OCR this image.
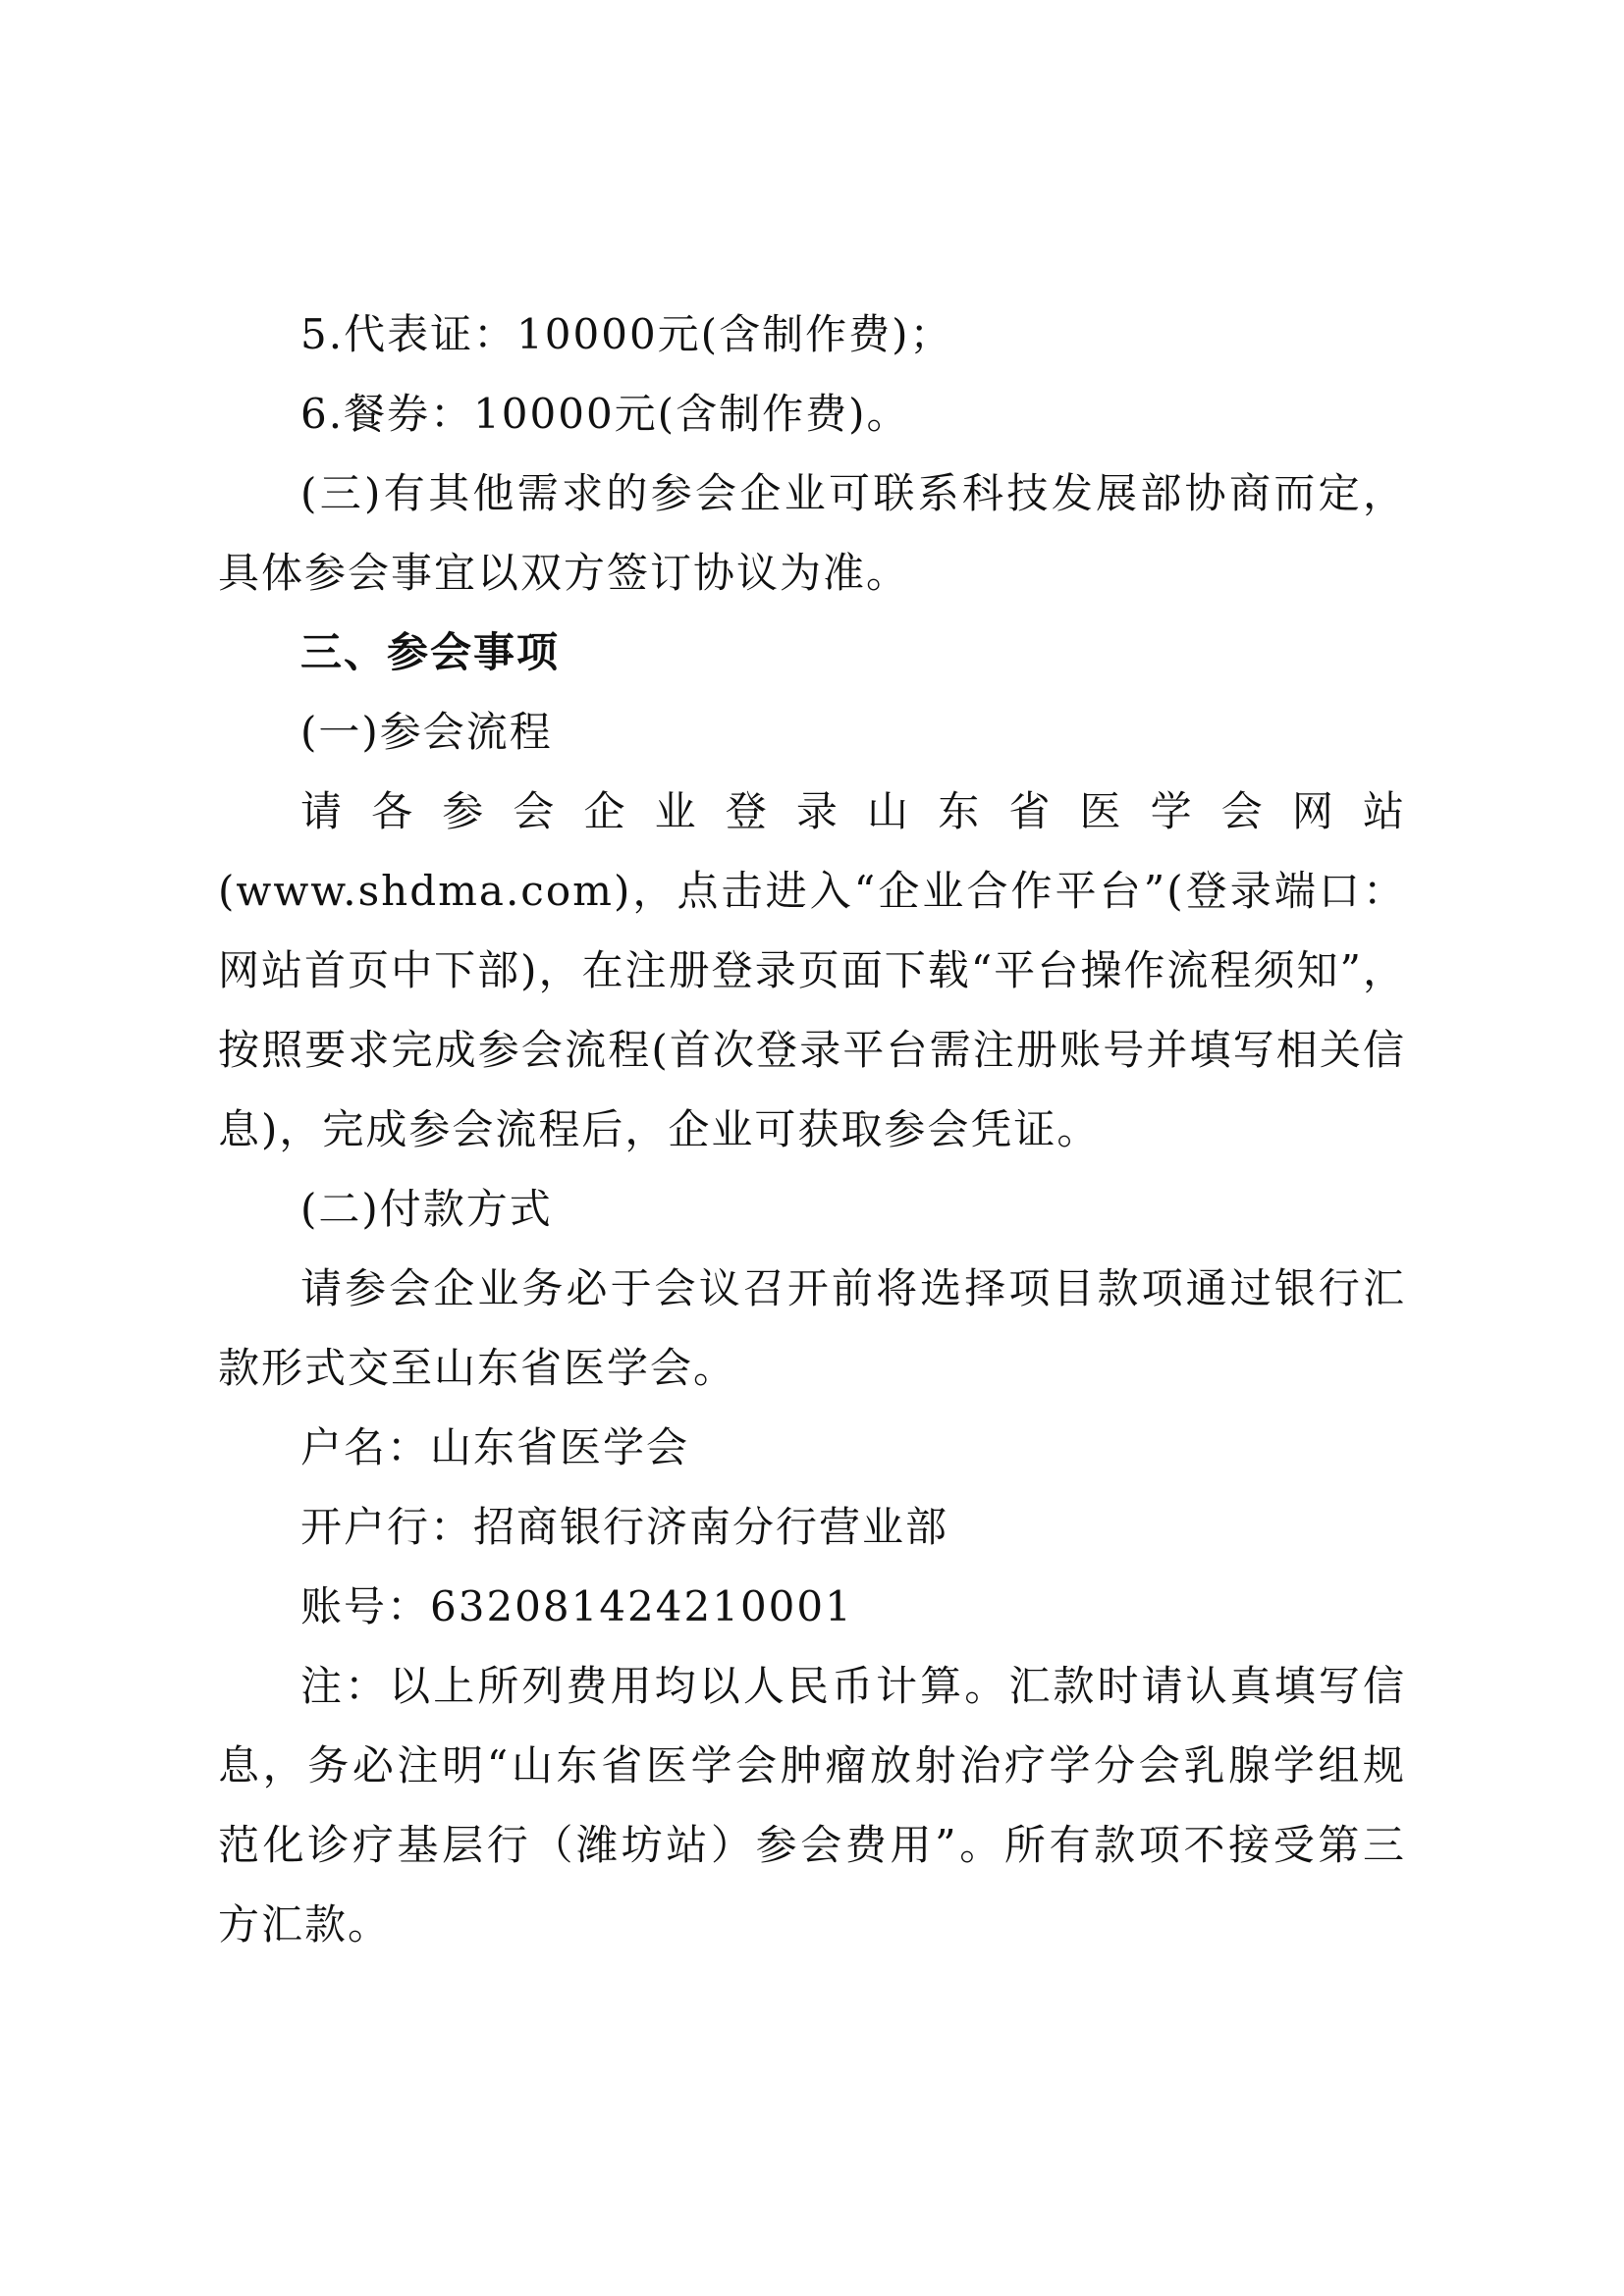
5.代表证：10000元(含制作费)；

6.餐券：10000元(含制作费)。

(三)有其他需求的参会企业可联系科技发展部协商而定，具体参会事宜以双方签订协议为准。

三、参会事项

(一)参会流程

请各参会企业登录山东省医学会网站(www.shdma.com)，点击进入“企业合作平台”(登录端口：网站首页中下部)，在注册登录页面下载“平台操作流程须知”，按照要求完成参会流程(首次登录平台需注册账号并填写相关信息)，完成参会流程后，企业可获取参会凭证。

(二)付款方式

请参会企业务必于会议召开前将选择项目款项通过银行汇款形式交至山东省医学会。

户名：山东省医学会

开户行：招商银行济南分行营业部

账号：632081424210001

注：以上所列费用均以人民币计算。汇款时请认真填写信息，务必注明“山东省医学会肿瘤放射治疗学分会乳腺学组规范化诊疗基层行（潍坊站）参会费用”。所有款项不接受第三方汇款。
